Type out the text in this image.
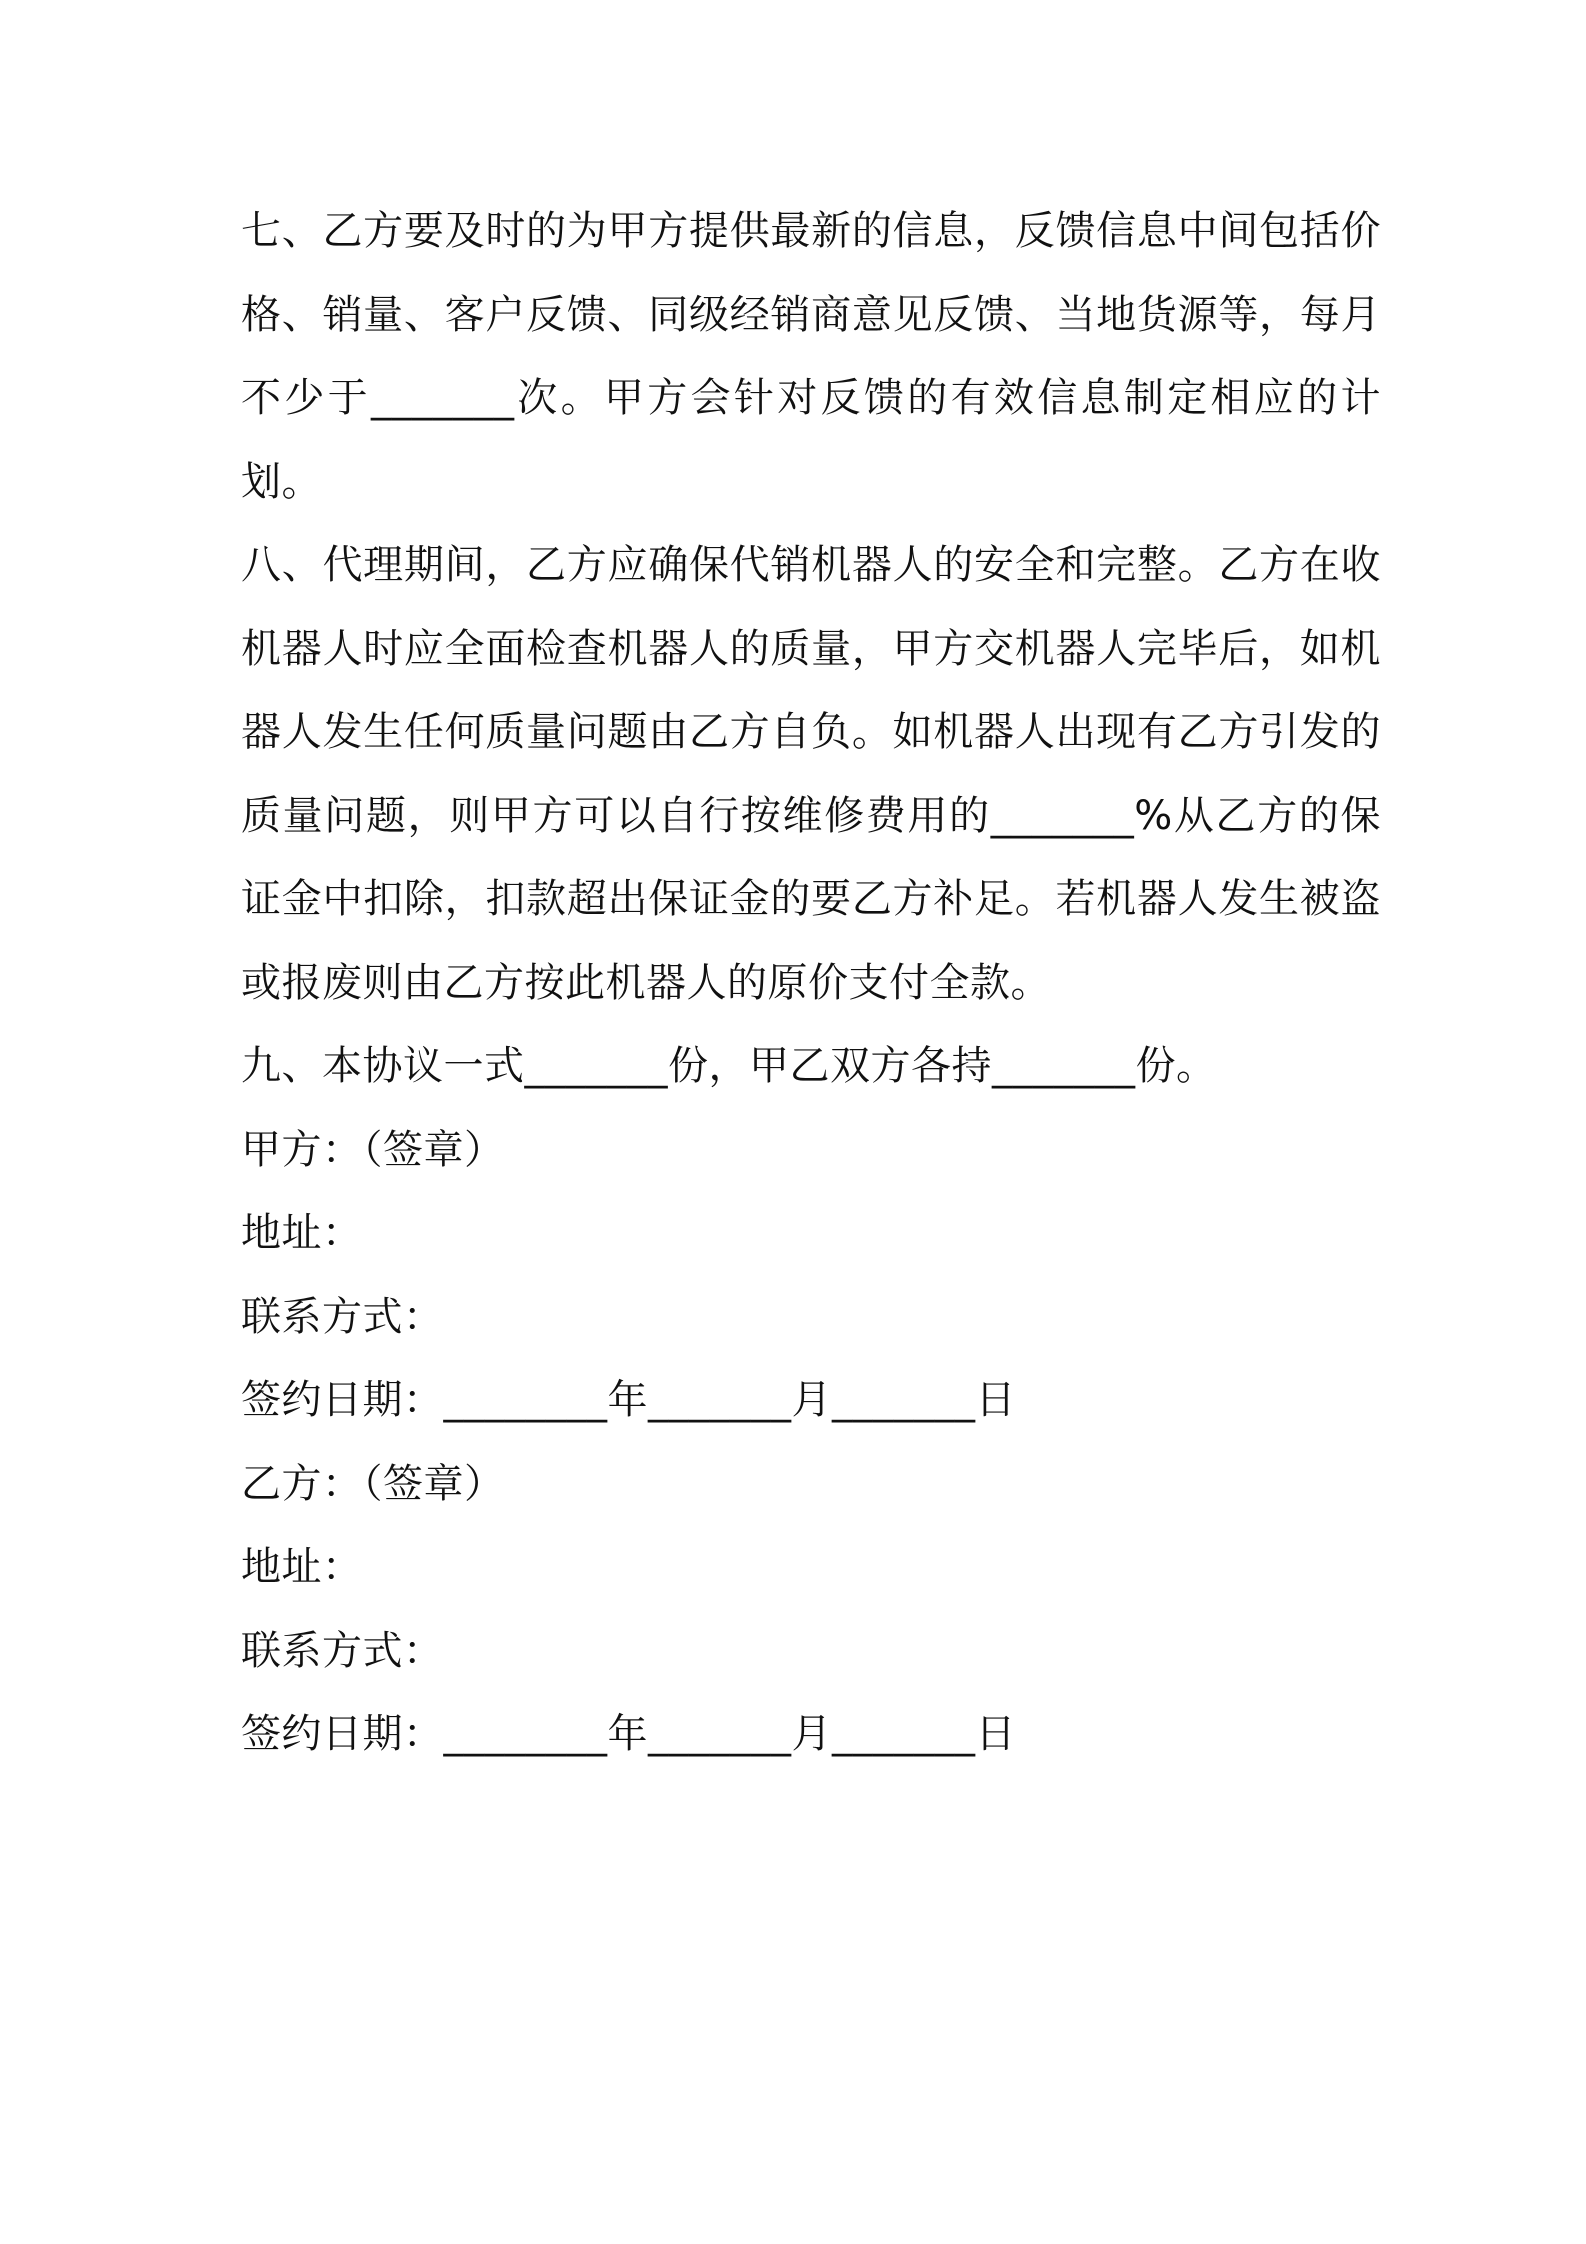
七、乙方要及时的为甲方提供最新的信息，反馈信息中间包括价格、销量、客户反馈、同级经销商意见反馈、当地货源等，每月不少于_______次。甲方会针对反馈的有效信息制定相应的计划。

八、代理期间，乙方应确保代销机器人的安全和完整。乙方在收机器人时应全面检查机器人的质量，甲方交机器人完毕后，如机器人发生任何质量问题由乙方自负。如机器人出现有乙方引发的质量问题，则甲方可以自行按维修费用的_______%从乙方的保证金中扣除，扣款超出保证金的要乙方补足。若机器人发生被盗或报废则由乙方按此机器人的原价支付全款。

九、本协议一式_______份，甲乙双方各持_______份。

甲方：（签章）

地址：

联系方式：

签约日期：________年_______月_______日

乙方：（签章）

地址：

联系方式：

签约日期：________年_______月_______日
